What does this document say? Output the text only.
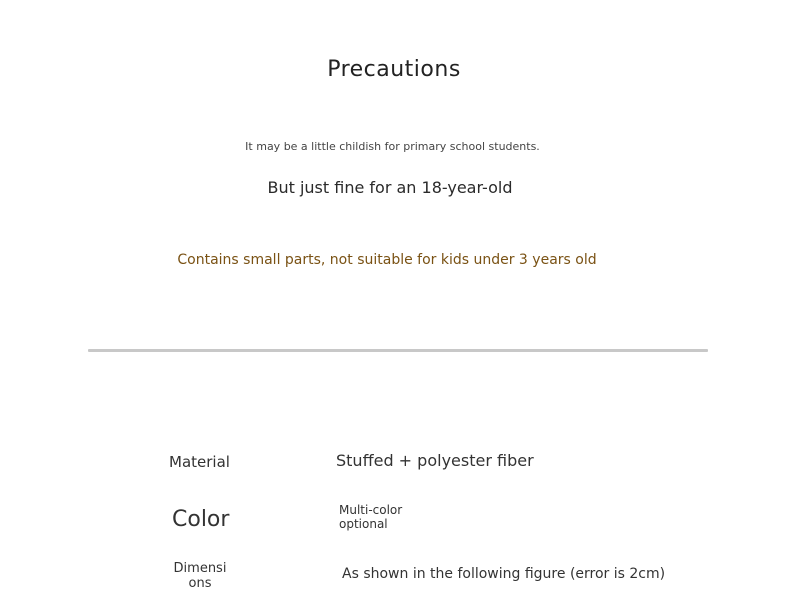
Precautions
It may be a little childish for primary school students.
But just fine for an 18-year-old
Contains small parts, not suitable for kids under 3 years old
Material	Stuffed + polyester fiber
Color	Multi-color
optional
Dimensions
As shown in the following figure (error is 2cm)
